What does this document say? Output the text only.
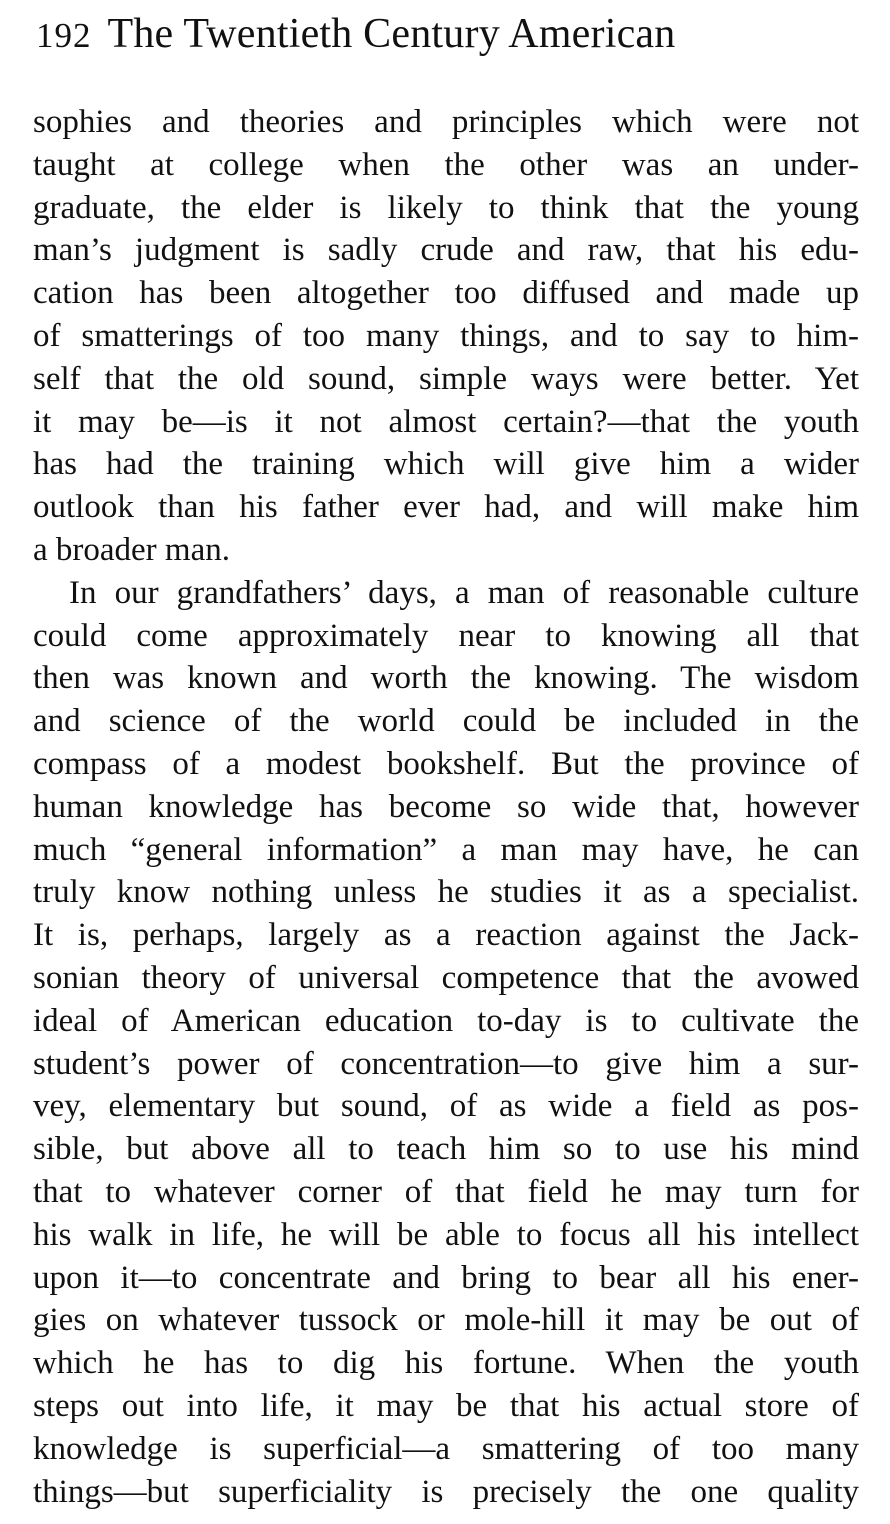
192 The Twentieth Century American
sophies and theories and principles which were not
taught at college when the other was an under-
graduate, the elder is likely to think that the young
man’s judgment is sadly crude and raw, that his edu-
cation has been altogether too diffused and made up
of smatterings of too many things, and to say to him-
self that the old sound, simple ways were better. Yet
it may be—is it not almost certain?—that the youth
has had the training which will give him a wider
outlook than his father ever had, and will make him
a broader man.
In our grandfathers’ days, a man of reasonable culture
could come approximately near to knowing all that
then was known and worth the knowing. The wisdom
and science of the world could be included in the
compass of a modest bookshelf. But the province of
human knowledge has become so wide that, however
much “general information” a man may have, he can
truly know nothing unless he studies it as a specialist.
It is, perhaps, largely as a reaction against the Jack-
sonian theory of universal competence that the avowed
ideal of American education to-day is to cultivate the
student’s power of concentration—to give him a sur-
vey, elementary but sound, of as wide a field as pos-
sible, but above all to teach him so to use his mind
that to whatever corner of that field he may turn for
his walk in life, he will be able to focus all his intellect
upon it—to concentrate and bring to bear all his ener-
gies on whatever tussock or mole-hill it may be out of
which he has to dig his fortune. When the youth
steps out into life, it may be that his actual store of
knowledge is superficial—a smattering of too many
things—but superficiality is precisely the one quality
